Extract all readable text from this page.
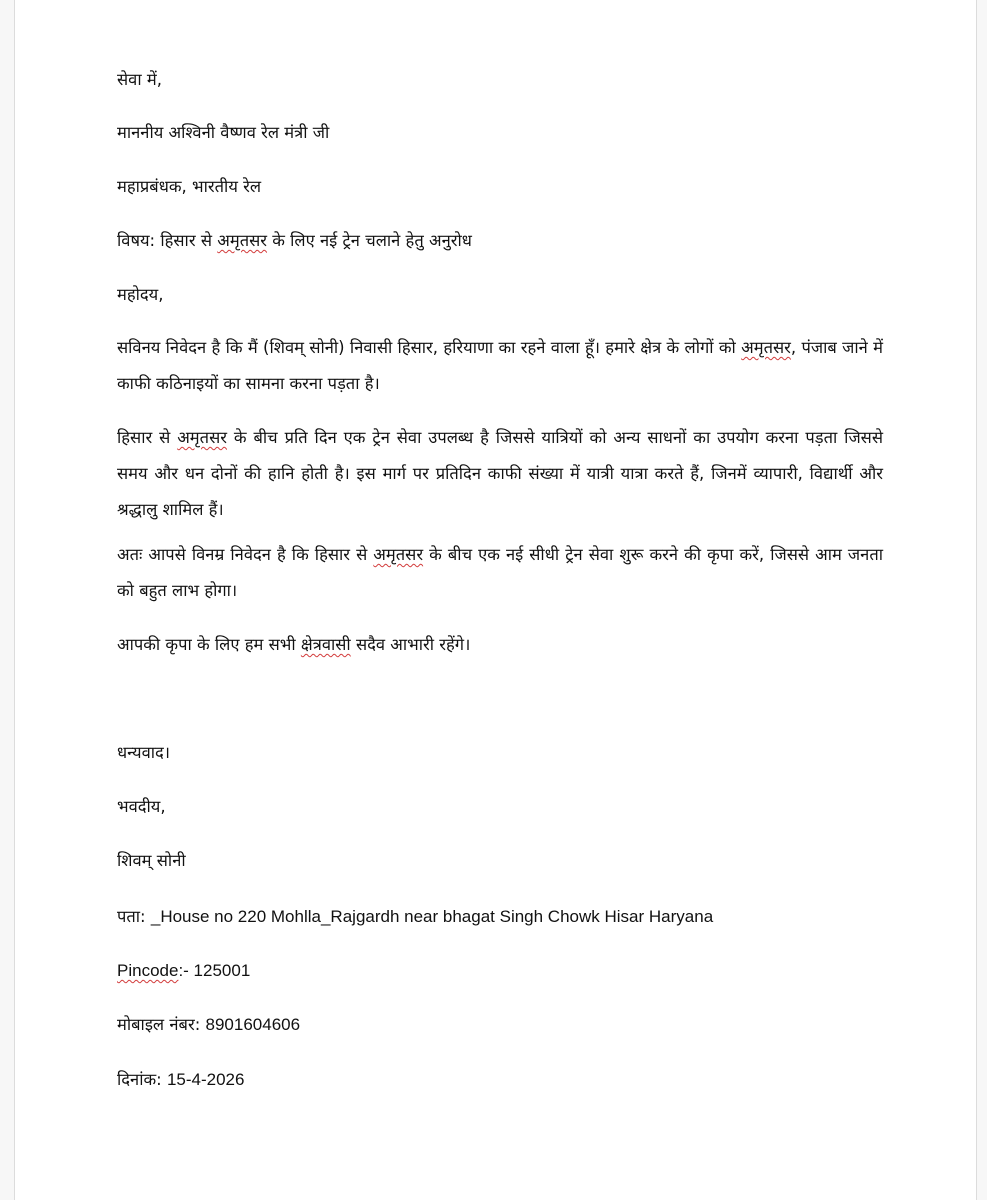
सेवा में,
माननीय अश्विनी वैष्णव रेल मंत्री जी
महाप्रबंधक, भारतीय रेल
विषय: हिसार से अमृतसर के लिए नई ट्रेन चलाने हेतु अनुरोध
महोदय,
सविनय निवेदन है कि मैं (शिवम् सोनी) निवासी हिसार, हरियाणा का रहने वाला हूँ। हमारे क्षेत्र के लोगों को अमृतसर, पंजाब जाने में काफी कठिनाइयों का सामना करना पड़ता है।
हिसार से अमृतसर के बीच प्रति दिन एक ट्रेन सेवा उपलब्ध है जिससे यात्रियों को अन्य साधनों का उपयोग करना पड़ता जिससे समय और धन दोनों की हानि होती है। इस मार्ग पर प्रतिदिन काफी संख्या में यात्री यात्रा करते हैं, जिनमें व्यापारी, विद्यार्थी और श्रद्धालु शामिल हैं।
अतः आपसे विनम्र निवेदन है कि हिसार से अमृतसर के बीच एक नई सीधी ट्रेन सेवा शुरू करने की कृपा करें, जिससे आम जनता को बहुत लाभ होगा।
आपकी कृपा के लिए हम सभी क्षेत्रवासी सदैव आभारी रहेंगे।
धन्यवाद।
भवदीय,
शिवम् सोनी
पता: _House no 220 Mohlla_Rajgardh near bhagat Singh Chowk Hisar Haryana
Pincode:- 125001
मोबाइल नंबर: 8901604606
दिनांक: 15-4-2026
